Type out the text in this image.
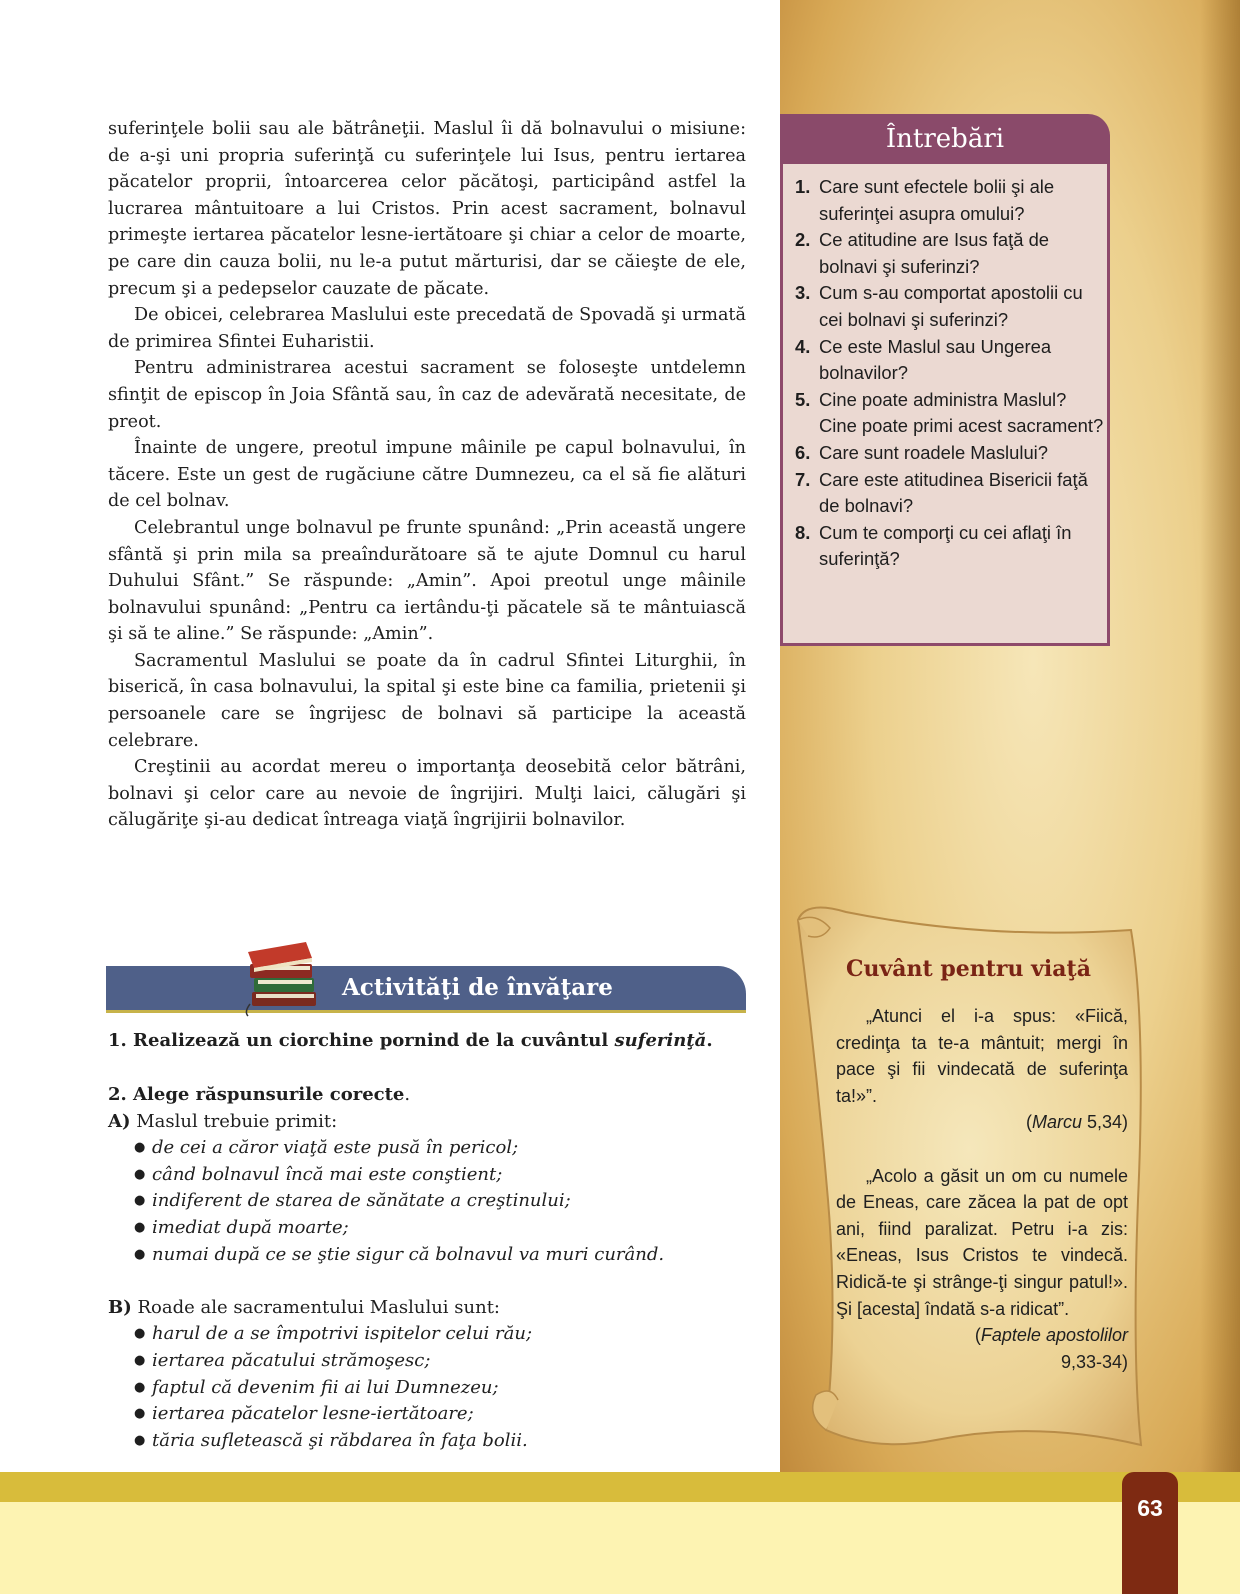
suferinţele bolii sau ale bătrâneţii. Maslul îi dă bolnavului o misiune: de a-şi uni propria suferinţă cu suferinţele lui Isus, pentru iertarea păcatelor proprii, întoarcerea celor păcătoşi, participând astfel la lucrarea mântuitoare a lui Cristos. Prin acest sacrament, bolnavul primeşte iertarea păcatelor lesne-iertătoare şi chiar a celor de moarte, pe care din cauza bolii, nu le-a putut mărturisi, dar se căieşte de ele, precum şi a pedepselor cauzate de păcate.

De obicei, celebrarea Maslului este precedată de Spovadă şi urmată de primirea Sfintei Euharistii.

Pentru administrarea acestui sacrament se foloseşte untdelemn sfinţit de episcop în Joia Sfântă sau, în caz de adevărată necesitate, de preot.

Înainte de ungere, preotul impune mâinile pe capul bolnavului, în tăcere. Este un gest de rugăciune către Dumnezeu, ca el să fie alături de cel bolnav.

Celebrantul unge bolnavul pe frunte spunând: „Prin această ungere sfântă şi prin mila sa preaîndurătoare să te ajute Domnul cu harul Duhului Sfânt.” Se răspunde: „Amin”. Apoi preotul unge mâinile bolnavului spunând: „Pentru ca iertându-ţi păcatele să te mântuiască şi să te aline.” Se răspunde: „Amin”.

Sacramentul Maslului se poate da în cadrul Sfintei Liturghii, în biserică, în casa bolnavului, la spital şi este bine ca familia, prietenii şi persoanele care se îngrijesc de bolnavi să participe la această celebrare.

Creştinii au acordat mereu o importanţa deosebită celor bătrâni, bolnavi şi celor care au nevoie de îngrijiri. Mulţi laici, călugări şi călugăriţe şi-au dedicat întreaga viaţă îngrijirii bolnavilor.

Întrebări
1. Care sunt efectele bolii şi ale suferinţei asupra omului?
2. Ce atitudine are Isus faţă de bolnavi şi suferinzi?
3. Cum s-au comportat apostolii cu cei bolnavi şi suferinzi?
4. Ce este Maslul sau Ungerea bolnavilor?
5. Cine poate administra Maslul? Cine poate primi acest sacrament?
6. Care sunt roadele Maslului?
7. Care este atitudinea Bisericii faţă de bolnavi?
8. Cum te comporţi cu cei aflaţi în suferinţă?
Activităţi de învăţare
1. Realizează un ciorchine pornind de la cuvântul suferinţă.
2. Alege răspunsurile corecte.
A) Maslul trebuie primit:
● de cei a căror viaţă este pusă în pericol;
● când bolnavul încă mai este conştient;
● indiferent de starea de sănătate a creştinului;
● imediat după moarte;
● numai după ce se ştie sigur că bolnavul va muri curând.
B) Roade ale sacramentului Maslului sunt:
● harul de a se împotrivi ispitelor celui rău;
● iertarea păcatului strămoşesc;
● faptul că devenim fii ai lui Dumnezeu;
● iertarea păcatelor lesne-iertătoare;
● tăria sufletească şi răbdarea în faţa bolii.
Cuvânt pentru viaţă

„Atunci el i-a spus: «Fiică, credinţa ta te-a mântuit; mergi în pace şi fii vindecată de suferinţa ta!»”.

(Marcu 5,34)

„Acolo a găsit un om cu numele de Eneas, care zăcea la pat de opt ani, fiind paralizat. Petru i-a zis: «Eneas, Isus Cristos te vindecă. Ridică-te şi strânge-ţi singur patul!». Şi [acesta] îndată s-a ridicat”.

(Faptele apostolilor

9,33-34)

63
